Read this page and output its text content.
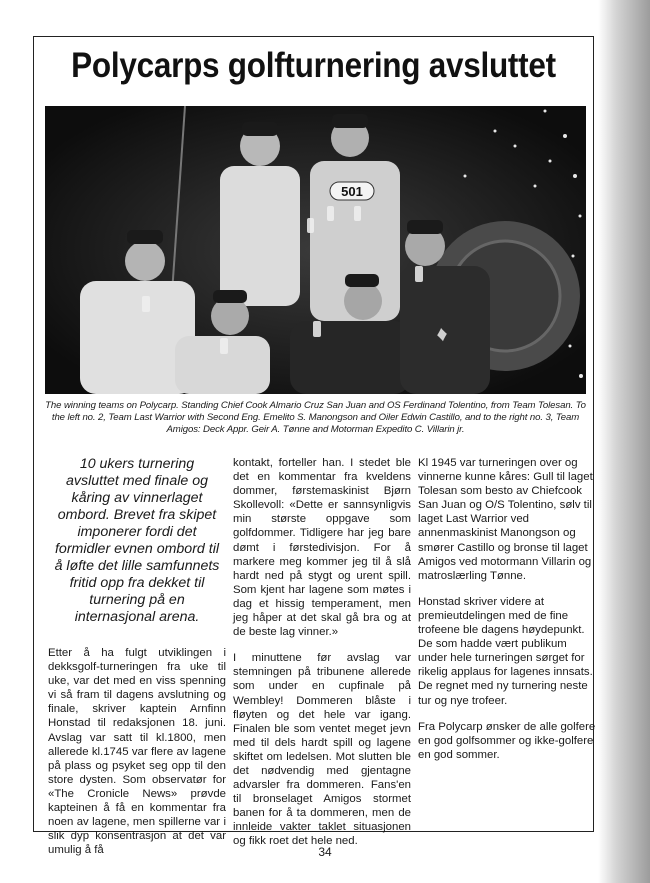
Polycarps golfturnering avsluttet
501
♦

The winning teams on Polycarp. Standing Chief Cook Almario Cruz San Juan and OS Ferdinand Tolentino, from Team Tolesan. To the left no. 2, Team Last Warrior with Second Eng. Emelito S. Manongson and Oiler Edwin Castillo, and to the right no. 3, Team Amigos: Deck Appr. Geir A. Tønne and Motorman Expedito C. Villarin jr.

10 ukers turnering avsluttet med finale og kåring av vinnerlaget ombord. Brevet fra skipet imponerer fordi det formidler evnen ombord til å løfte det lille samfunnets fritid opp fra dekket til turnering på en internasjonal arena.

Etter å ha fulgt utviklingen i dekksgolf-turneringen fra uke til uke, var det med en viss spenning vi så fram til dagens avslutning og finale, skriver kaptein Arnfinn Honstad til redaksjonen 18. juni. Avslag var satt til kl.1800, men allerede kl.1745 var flere av lagene på plass og psyket seg opp til den store dysten. Som observatør for «The Cronicle News» prøvde kapteinen å få en kommentar fra noen av lagene, men spillerne var i slik dyp konsentrasjon at det var umulig å få

kontakt, forteller han. I stedet ble det en kommentar fra kveldens dommer, førstemaskinist Bjørn Skollevoll: «Dette er sannsynligvis min største oppgave som golfdommer. Tidligere har jeg bare dømt i førstedivisjon. For å markere meg kommer jeg til å slå hardt ned på stygt og urent spill. Som kjent har lagene som møtes i dag et hissig temperament, men jeg håper at det skal gå bra og at de beste lag vinner.»

I minuttene før avslag var stemningen på tribunene allerede som under en cupfinale på Wembley! Dommeren blåste i fløyten og det hele var igang. Finalen ble som ventet meget jevn med til dels hardt spill og lagene skiftet om ledelsen. Mot slutten ble det nødvendig med gjentagne advarsler fra dommeren. Fans'en til bronselaget Amigos stormet banen for å ta dommeren, men de innleide vakter taklet situasjonen og fikk roet det hele ned.

Kl 1945 var turneringen over og vinnerne kunne kåres: Gull til laget Tolesan som besto av Chiefcook San Juan og O/S Tolentino, sølv til laget Last Warrior ved annenmaskinist Manongson og smører Castillo og bronse til laget Amigos ved motormann Villarin og matroslærling Tønne.

Honstad skriver videre at premieutdelingen med de fine trofeene ble dagens høydepunkt. De som hadde vært publikum under hele turneringen sørget for rikelig applaus for lagenes innsats. De regnet med ny turnering neste tur og nye trofeer.

Fra Polycarp ønsker de alle golfere en god golfsommer og ikke-golfere en god sommer.

34
